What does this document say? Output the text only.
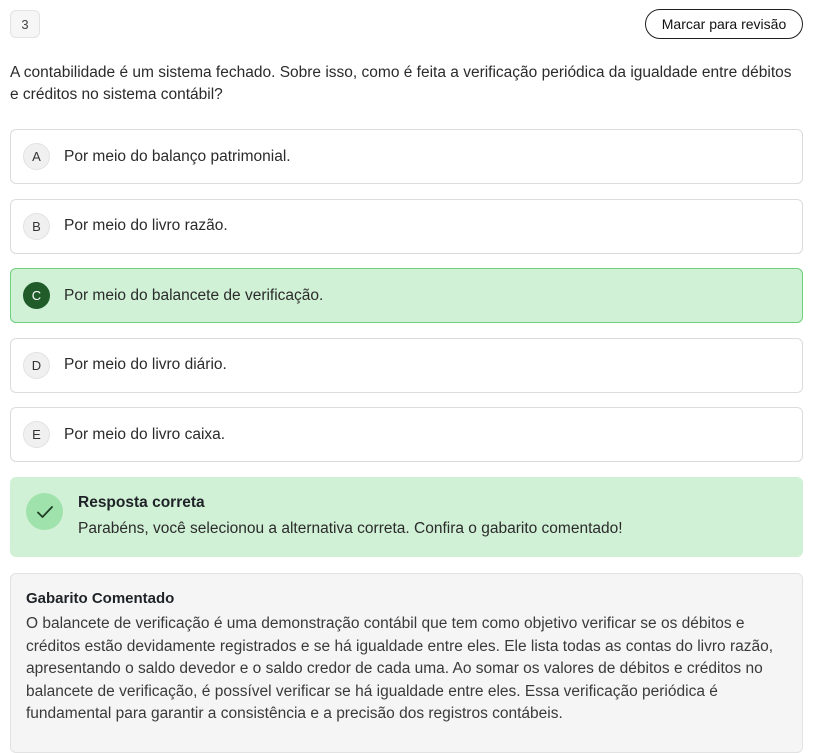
3	Marcar para revisão

A contabilidade é um sistema fechado. Sobre isso, como é feita a verificação periódica da igualdade entre débitos e créditos no sistema contábil?

A	Por meio do balanço patrimonial.
B	Por meio do livro razão.
C	Por meio do balancete de verificação.
D	Por meio do livro diário.
E	Por meio do livro caixa.
Resposta correta
Parabéns, você selecionou a alternativa correta. Confira o gabarito comentado!

Gabarito Comentado

O balancete de verificação é uma demonstração contábil que tem como objetivo verificar se os débitos e créditos estão devidamente registrados e se há igualdade entre eles. Ele lista todas as contas do livro razão, apresentando o saldo devedor e o saldo credor de cada uma. Ao somar os valores de débitos e créditos no balancete de verificação, é possível verificar se há igualdade entre eles. Essa verificação periódica é fundamental para garantir a consistência e a precisão dos registros contábeis.
